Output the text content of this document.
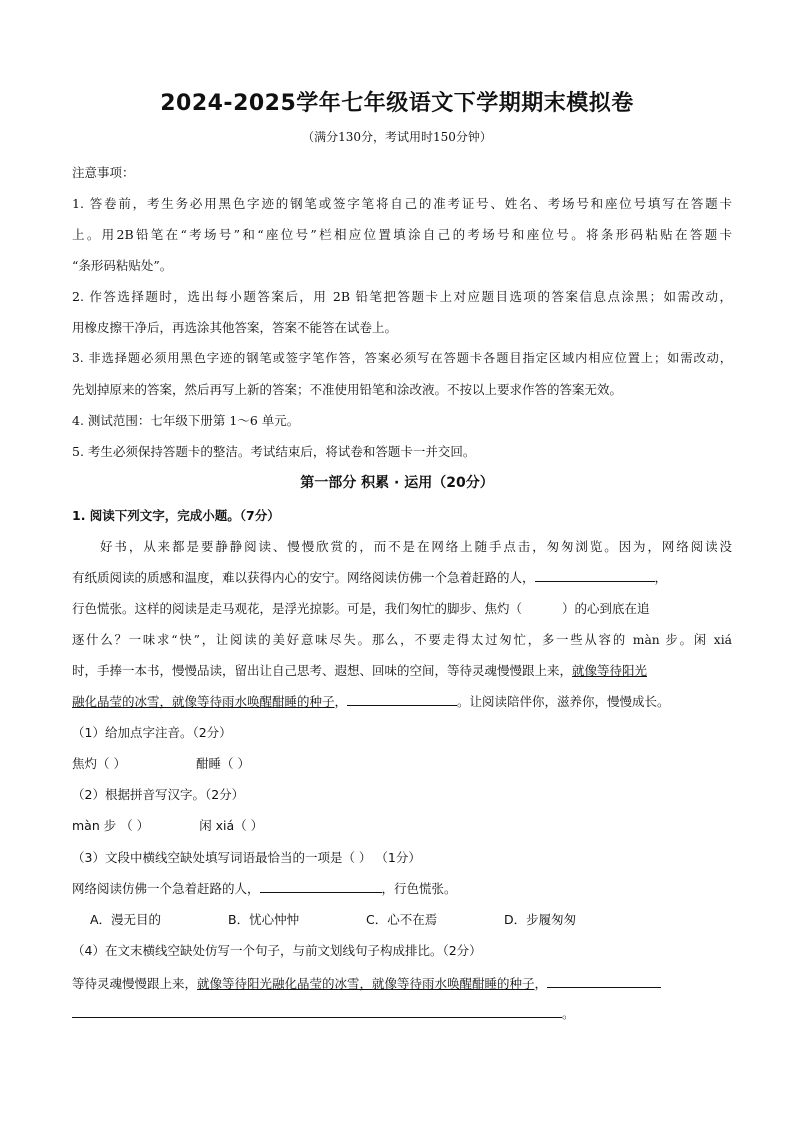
2024-2025学年七年级语文下学期期末模拟卷
（满分130分，考试用时150分钟）
注意事项：
1. 答卷前，考生务必用黑色字迹的钢笔或签字笔将自己的准考证号、姓名、考场号和座位号填写在答题卡
上。用2B铅笔在“考场号”和“座位号”栏相应位置填涂自己的考场号和座位号。将条形码粘贴在答题卡
“条形码粘贴处”。
2. 作答选择题时，选出每小题答案后，用 2B 铅笔把答题卡上对应题目选项的答案信息点涂黑；如需改动，
用橡皮擦干净后，再选涂其他答案，答案不能答在试卷上。
3. 非选择题必须用黑色字迹的钢笔或签字笔作答，答案必须写在答题卡各题目指定区域内相应位置上；如需改动，
先划掉原来的答案，然后再写上新的答案；不准使用铅笔和涂改液。不按以上要求作答的答案无效。
4. 测试范围：七年级下册第 1～6 单元。
5. 考生必须保持答题卡的整洁。考试结束后，将试卷和答题卡一并交回。
第一部分 积累 · 运用（20分）
1. 阅读下列文字，完成小题。（7分）
好书，从来都是要静静阅读、慢慢欣赏的，而不是在网络上随手点击，匆匆浏览。因为，网络阅读没
有纸质阅读的质感和温度，难以获得内心的安宁。网络阅读仿佛一个急着赶路的人，	，
行色慌张。这样的阅读是走马观花，是浮光掠影。可是，我们匆忙的脚步、焦灼（	）的心到底在追
逐什么？一味求“快”，让阅读的美好意味尽失。那么，不要走得太过匆忙，多一些从容的 màn 步。闲 xiá
时，手捧一本书，慢慢品读，留出让自己思考、遐想、回味的空间，等待灵魂慢慢跟上来，就像等待阳光
融化晶莹的冰雪，就像等待雨水唤醒酣睡的种子，	。让阅读陪伴你，滋养你，慢慢成长。
（1）给加点字注音。（2分）
焦灼（ ）	酣睡（ ）
（2）根据拼音写汉字。（2分）
màn 步 （ ）	闲 xiá（ ）
（3）文段中横线空缺处填写词语最恰当的一项是（ ） （1分）
网络阅读仿佛一个急着赶路的人，	，行色慌张。
A．漫无目的	B．忧心忡忡	C．心不在焉	D．步履匆匆
（4）在文末横线空缺处仿写一个句子，与前文划线句子构成排比。（2分）
等待灵魂慢慢跟上来，就像等待阳光融化晶莹的冰雪，就像等待雨水唤醒酣睡的种子，
。
